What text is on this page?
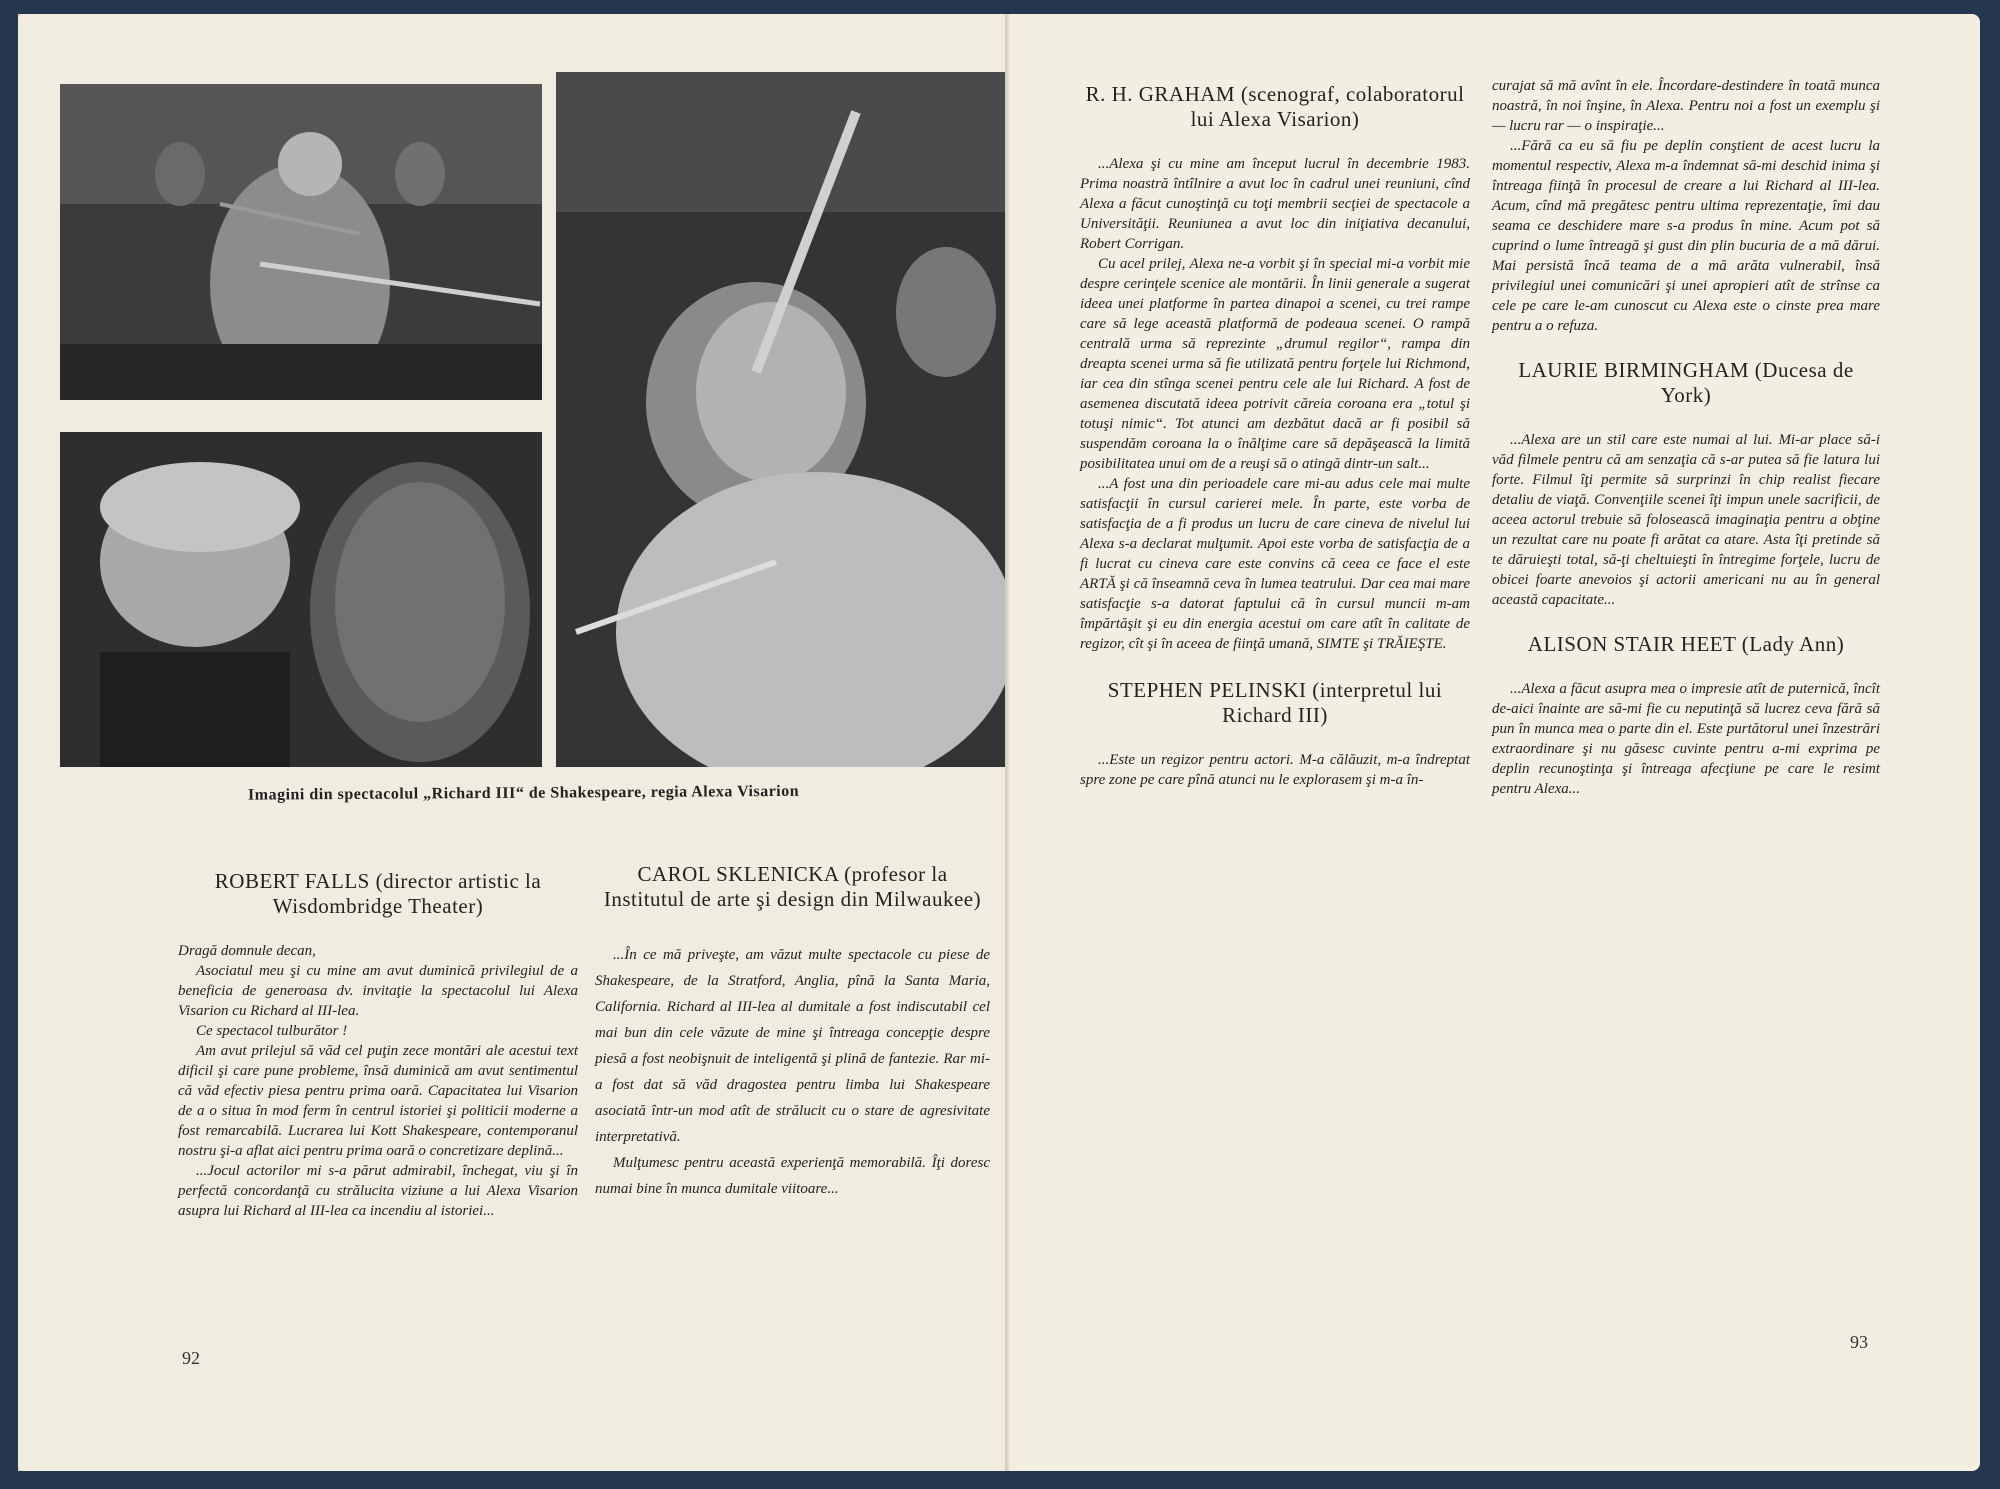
Imagini din spectacolul „Richard III“ de Shakespeare, regia Alexa Visarion
ROBERT FALLS (director artistic la Wisdombridge Theater)

Dragă domnule decan,

Asociatul meu şi cu mine am avut duminică privilegiul de a beneficia de generoasa dv. invitaţie la spectacolul lui Alexa Visarion cu Richard al III-lea.

Ce spectacol tulburător !

Am avut prilejul să văd cel puţin zece montări ale acestui text dificil şi care pune probleme, însă duminică am avut sentimentul că văd efectiv piesa pentru prima oară. Capacitatea lui Visarion de a o situa în mod ferm în centrul istoriei şi politicii moderne a fost remarcabilă. Lucrarea lui Kott Shakespeare, contemporanul nostru şi-a aflat aici pentru prima oară o concretizare deplină...

...Jocul actorilor mi s-a părut admirabil, închegat, viu şi în perfectă concordanţă cu strălucita viziune a lui Alexa Visarion asupra lui Richard al III-lea ca incendiu al istoriei...

CAROL SKLENICKA (profesor la Institutul de arte şi design din Milwaukee)

...În ce mă priveşte, am văzut multe spectacole cu piese de Shakespeare, de la Stratford, Anglia, pînă la Santa Maria, California. Richard al III-lea al dumitale a fost indiscutabil cel mai bun din cele văzute de mine şi întreaga concepţie despre piesă a fost neobişnuit de inteligentă şi plină de fantezie. Rar mi-a fost dat să văd dragostea pentru limba lui Shakespeare asociată într-un mod atît de strălucit cu o stare de agresivitate interpretativă.

Mulţumesc pentru această experienţă memorabilă. Îţi doresc numai bine în munca dumitale viitoare...

92
R. H. GRAHAM (scenograf, colaboratorul lui Alexa Visarion)

...Alexa şi cu mine am început lucrul în decembrie 1983. Prima noastră întîlnire a avut loc în cadrul unei reuniuni, cînd Alexa a făcut cunoştinţă cu toţi membrii secţiei de spectacole a Universităţii. Reuniunea a avut loc din iniţiativa decanului, Robert Corrigan.

Cu acel prilej, Alexa ne-a vorbit şi în special mi-a vorbit mie despre cerinţele scenice ale montării. În linii generale a sugerat ideea unei platforme în partea dinapoi a scenei, cu trei rampe care să lege această platformă de podeaua scenei. O rampă centrală urma să reprezinte „drumul regilor“, rampa din dreapta scenei urma să fie utilizată pentru forţele lui Richmond, iar cea din stînga scenei pentru cele ale lui Richard. A fost de asemenea discutată ideea potrivit căreia coroana era „totul şi totuşi nimic“. Tot atunci am dezbătut dacă ar fi posibil să suspendăm coroana la o înălţime care să depăşească la limită posibilitatea unui om de a reuşi să o atingă dintr-un salt...

...A fost una din perioadele care mi-au adus cele mai multe satisfacţii în cursul carierei mele. În parte, este vorba de satisfacţia de a fi produs un lucru de care cineva de nivelul lui Alexa s-a declarat mulţumit. Apoi este vorba de satisfacţia de a fi lucrat cu cineva care este convins că ceea ce face el este ARTĂ şi că înseamnă ceva în lumea teatrului. Dar cea mai mare satisfacţie s-a datorat faptului că în cursul muncii m-am împărtăşit şi eu din energia acestui om care atît în calitate de regizor, cît şi în aceea de fiinţă umană, SIMTE şi TRĂIEŞTE.

STEPHEN PELINSKI (interpretul lui Richard III)

...Este un regizor pentru actori. M-a călăuzit, m-a îndreptat spre zone pe care pînă atunci nu le explorasem şi m-a în-

curajat să mă avînt în ele. Încordare-destindere în toată munca noastră, în noi înşine, în Alexa. Pentru noi a fost un exemplu şi — lucru rar — o inspiraţie...

...Fără ca eu să fiu pe deplin conştient de acest lucru la momentul respectiv, Alexa m-a îndemnat să-mi deschid inima şi întreaga fiinţă în procesul de creare a lui Richard al III-lea. Acum, cînd mă pregătesc pentru ultima reprezentaţie, îmi dau seama ce deschidere mare s-a produs în mine. Acum pot să cuprind o lume întreagă şi gust din plin bucuria de a mă dărui. Mai persistă încă teama de a mă arăta vulnerabil, însă privilegiul unei comunicări şi unei apropieri atît de strînse ca cele pe care le-am cunoscut cu Alexa este o cinste prea mare pentru a o refuza.

LAURIE BIRMINGHAM (Ducesa de York)

...Alexa are un stil care este numai al lui. Mi-ar place să-i văd filmele pentru că am senzaţia că s-ar putea să fie latura lui forte. Filmul îţi permite să surprinzi în chip realist fiecare detaliu de viaţă. Convenţiile scenei îţi impun unele sacrificii, de aceea actorul trebuie să folosească imaginaţia pentru a obţine un rezultat care nu poate fi arătat ca atare. Asta îţi pretinde să te dăruieşti total, să-ţi cheltuieşti în întregime forţele, lucru de obicei foarte anevoios şi actorii americani nu au în general această capacitate...

ALISON STAIR HEET (Lady Ann)

...Alexa a făcut asupra mea o impresie atît de puternică, încît de-aici înainte are să-mi fie cu neputinţă să lucrez ceva fără să pun în munca mea o parte din el. Este purtătorul unei înzestrări extraordinare şi nu găsesc cuvinte pentru a-mi exprima pe deplin recunoştinţa şi întreaga afecţiune pe care le resimt pentru Alexa...

93
